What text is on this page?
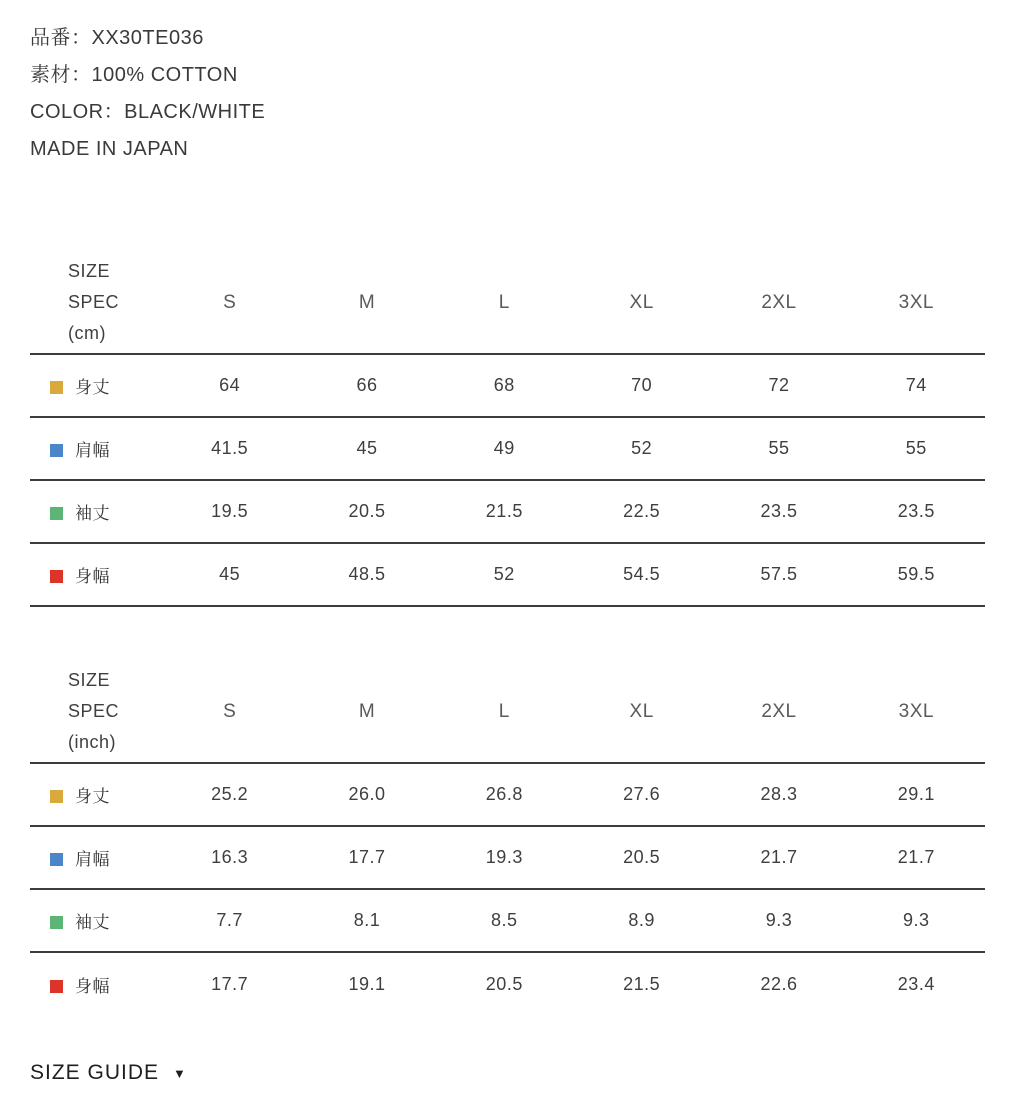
品番：XX30TE036
素材：100% COTTON
COLOR：BLACK/WHITE
MADE IN JAPAN
SIZE
SPEC
(cm)	S	M	L	XL	2XL	3XL
身丈	64	66	68	70	72	74
肩幅	41.5	45	49	52	55	55
袖丈	19.5	20.5	21.5	22.5	23.5	23.5
身幅	45	48.5	52	54.5	57.5	59.5
SIZE
SPEC
(inch)	S	M	L	XL	2XL	3XL
身丈	25.2	26.0	26.8	27.6	28.3	29.1
肩幅	16.3	17.7	19.3	20.5	21.7	21.7
袖丈	7.7	8.1	8.5	8.9	9.3	9.3
身幅	17.7	19.1	20.5	21.5	22.6	23.4
SIZE GUIDE ▼
